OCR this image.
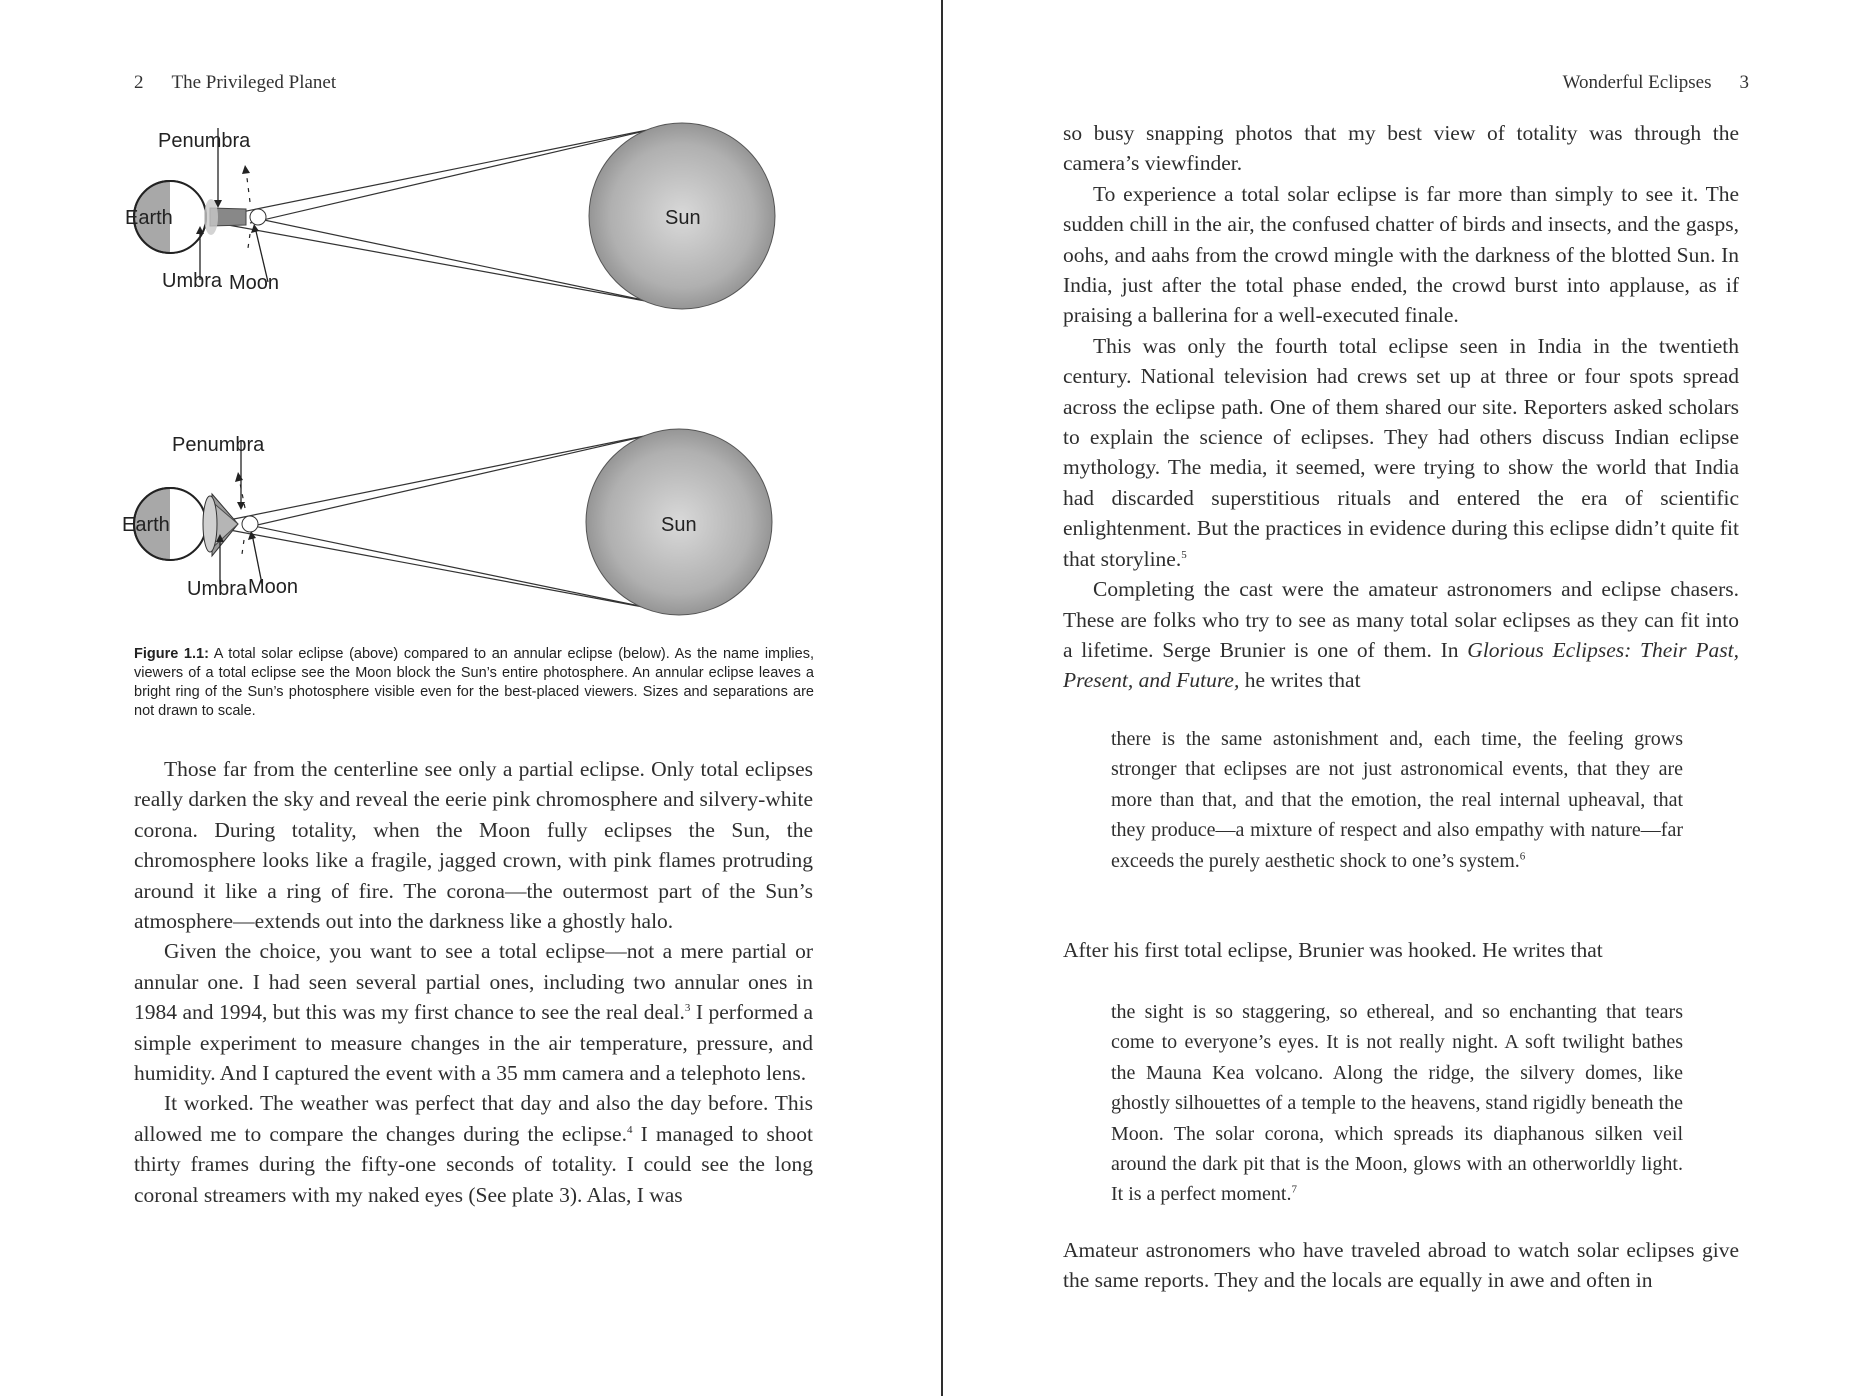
2 The Privileged Planet
Penumbra
Earth	Sun
Umbra Moon
Penumbra
Earth	Sun
Umbra Moon
Figure 1.1: A total solar eclipse (above) compared to an annular eclipse (below). As the name implies, viewers of a total eclipse see the Moon block the Sun’s entire photosphere. An annular eclipse leaves a bright ring of the Sun’s photosphere visible even for the best-placed viewers. Sizes and separations are not drawn to scale.

Those far from the centerline see only a partial eclipse. Only total eclipses really darken the sky and reveal the eerie pink chromosphere and silvery-white corona. During totality, when the Moon fully eclipses the Sun, the chromosphere looks like a fragile, jagged crown, with pink flames protruding around it like a ring of fire. The corona—the outermost part of the Sun’s atmosphere—extends out into the darkness like a ghostly halo.

Given the choice, you want to see a total eclipse—not a mere partial or annular one. I had seen several partial ones, including two annular ones in 1984 and 1994, but this was my first chance to see the real deal.$^3$ I performed a simple experiment to measure changes in the air temperature, pressure, and humidity. And I captured the event with a 35 mm camera and a telephoto lens.

It worked. The weather was perfect that day and also the day before. This allowed me to compare the changes during the eclipse.$^4$ I managed to shoot thirty frames during the fifty-one seconds of totality. I could see the long coronal streamers with my naked eyes (See plate 3). Alas, I was

Wonderful Eclipses 3

so busy snapping photos that my best view of totality was through the camera’s viewfinder.

To experience a total solar eclipse is far more than simply to see it. The sudden chill in the air, the confused chatter of birds and insects, and the gasps, oohs, and aahs from the crowd mingle with the darkness of the blotted Sun. In India, just after the total phase ended, the crowd burst into applause, as if praising a ballerina for a well-executed finale.

This was only the fourth total eclipse seen in India in the twentieth century. National television had crews set up at three or four spots spread across the eclipse path. One of them shared our site. Reporters asked scholars to explain the science of eclipses. They had others discuss Indian eclipse mythology. The media, it seemed, were trying to show the world that India had discarded superstitious rituals and entered the era of scientific enlightenment. But the practices in evidence during this eclipse didn’t quite fit that storyline.$^5$

Completing the cast were the amateur astronomers and eclipse chasers. These are folks who try to see as many total solar eclipses as they can fit into a lifetime. Serge Brunier is one of them. In Glorious Eclipses: Their Past, Present, and Future, he writes that

there is the same astonishment and, each time, the feeling grows stronger that eclipses are not just astronomical events, that they are more than that, and that the emotion, the real internal upheaval, that they produce—a mixture of respect and also empathy with nature—far exceeds the purely aesthetic shock to one’s system.$^6$

After his first total eclipse, Brunier was hooked. He writes that

the sight is so staggering, so ethereal, and so enchanting that tears come to everyone’s eyes. It is not really night. A soft twilight bathes the Mauna Kea volcano. Along the ridge, the silvery domes, like ghostly silhouettes of a temple to the heavens, stand rigidly beneath the Moon. The solar corona, which spreads its diaphanous silken veil around the dark pit that is the Moon, glows with an otherworldly light. It is a perfect moment.$^7$

Amateur astronomers who have traveled abroad to watch solar eclipses give the same reports. They and the locals are equally in awe and often in
